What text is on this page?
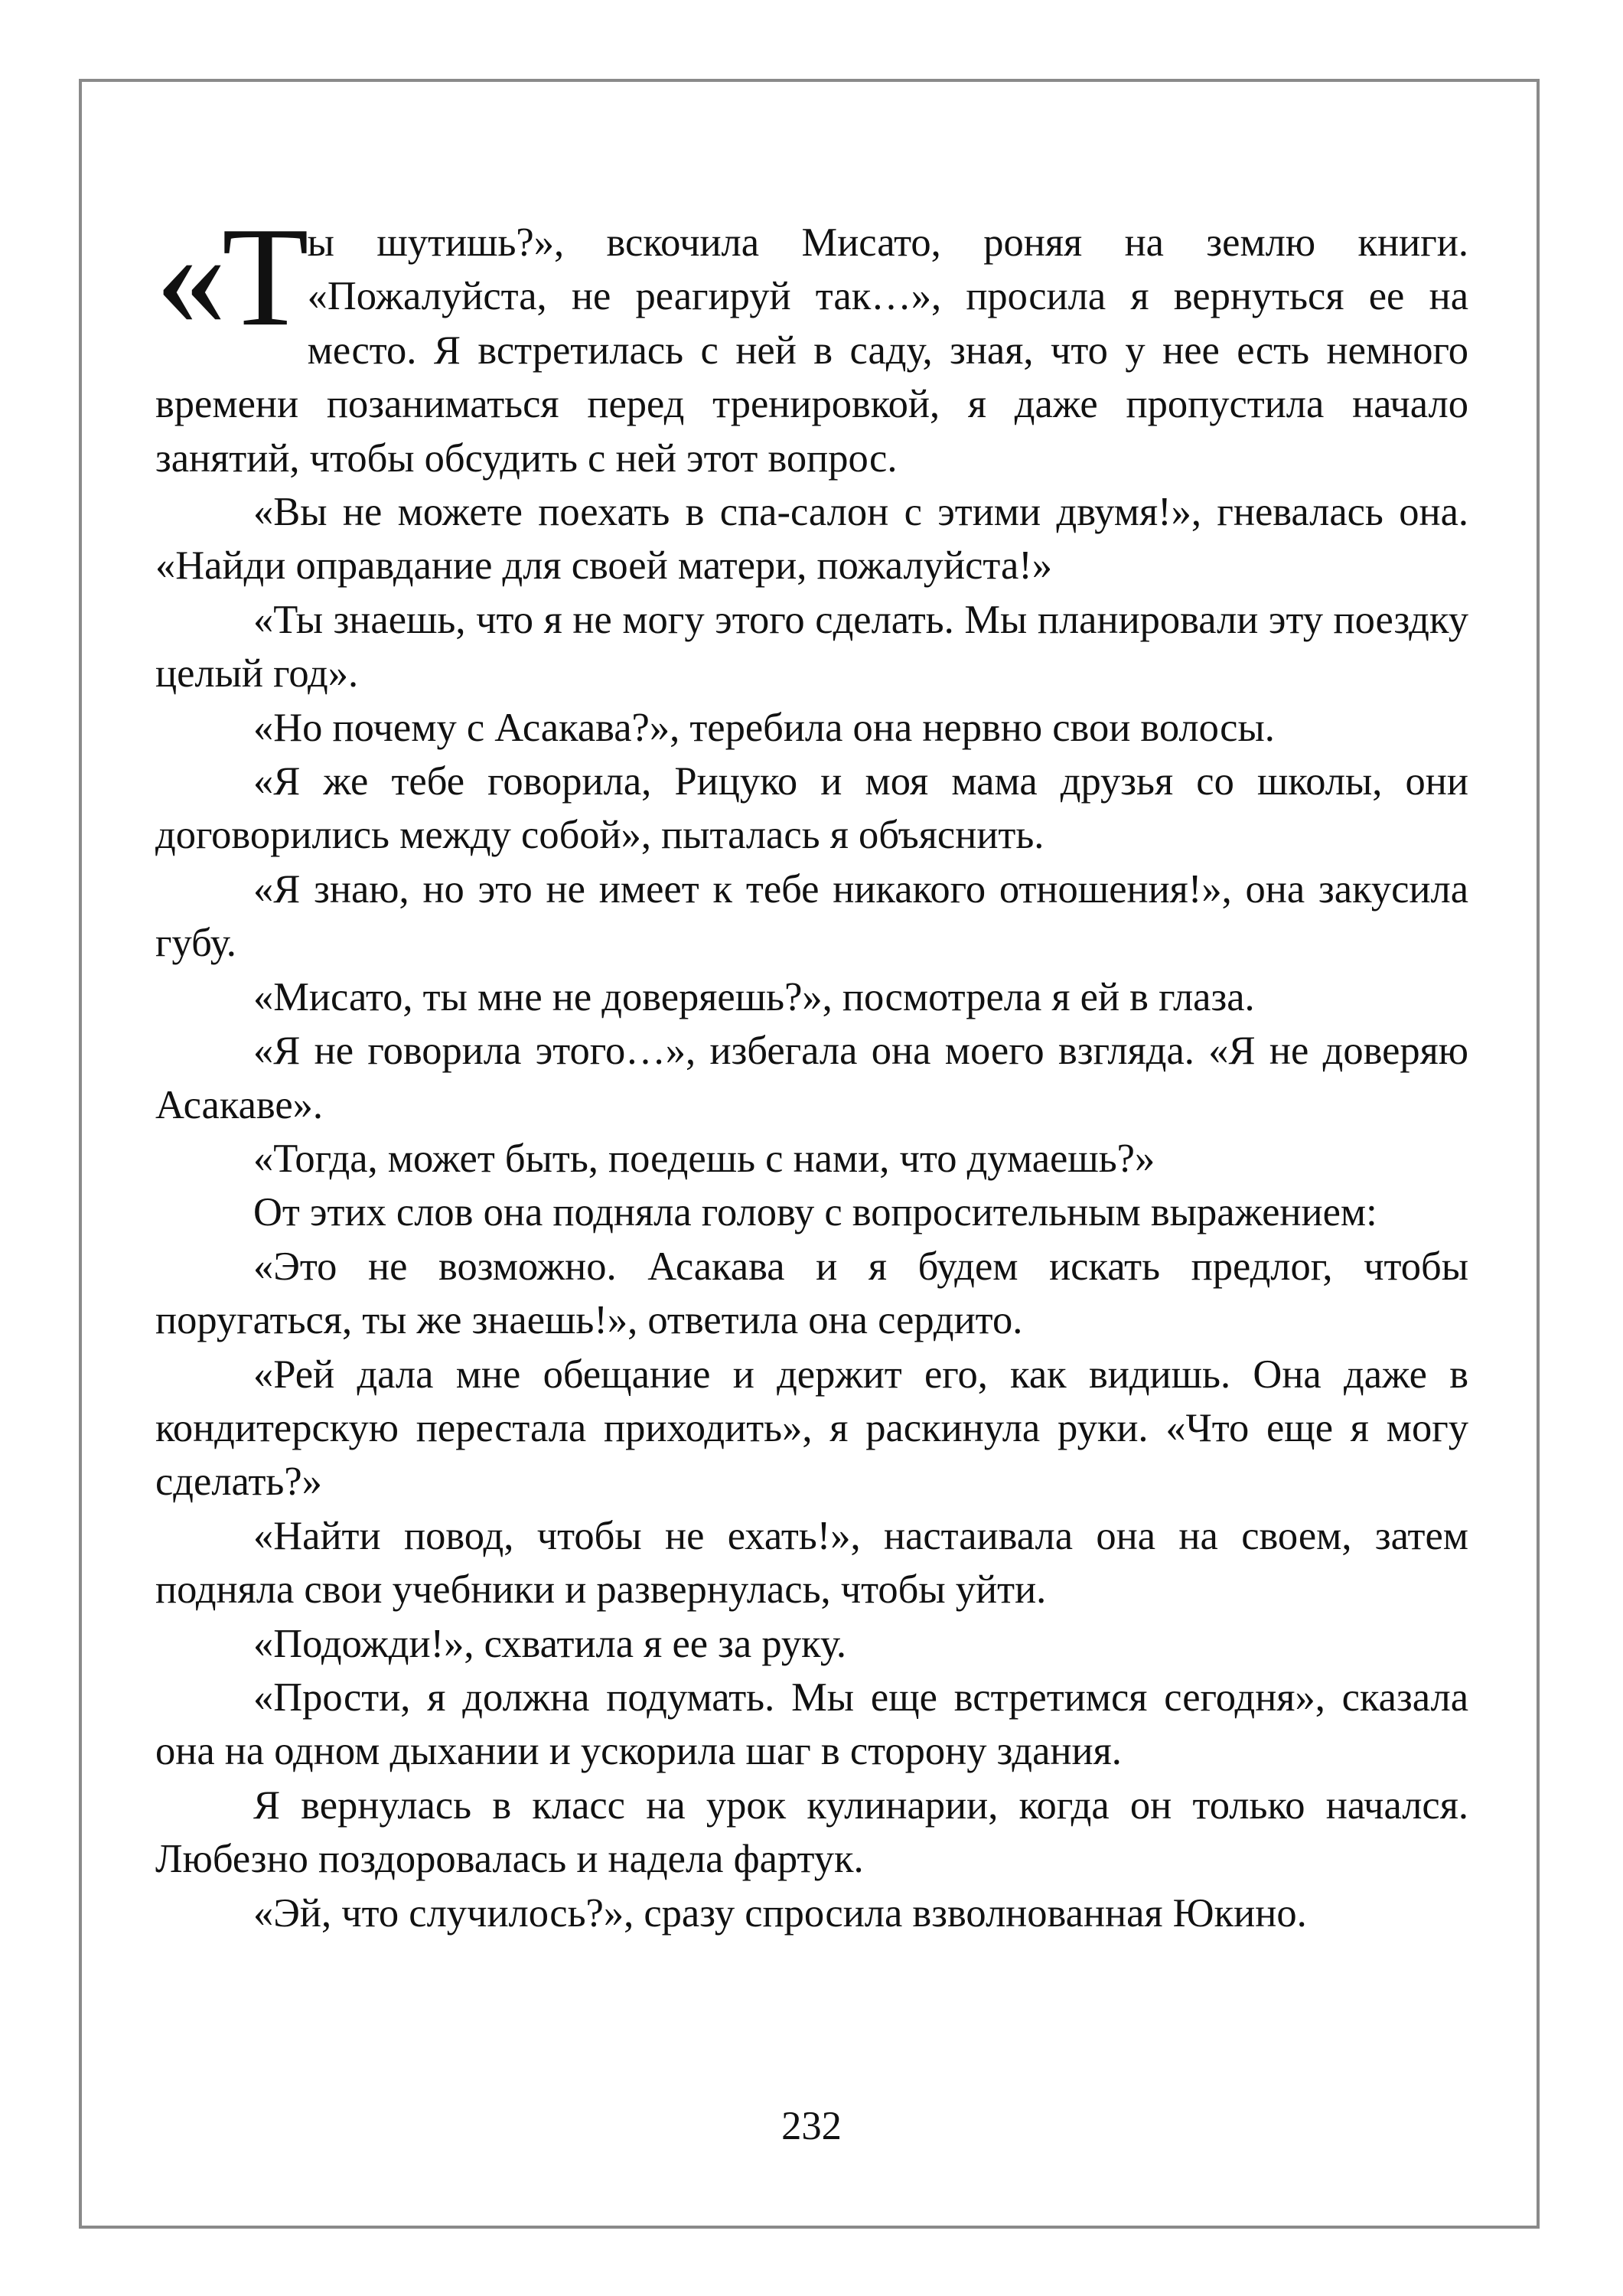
«Ты шутишь?», вскочила Мисато, роняя на землю книги. «Пожалуйста, не реагируй так…», просила я вернуться ее на место. Я встретилась с ней в саду, зная, что у нее есть немного времени позаниматься перед тренировкой, я даже пропустила начало занятий, чтобы обсудить с ней этот вопрос.

«Вы не можете поехать в спа-салон с этими двумя!», гневалась она. «Найди оправдание для своей матери, пожалуйста!»

«Ты знаешь, что я не могу этого сделать. Мы планировали эту поездку целый год».

«Но почему с Асакава?», теребила она нервно свои волосы.

«Я же тебе говорила, Рицуко и моя мама друзья со школы, они договорились между собой», пыталась я объяснить.

«Я знаю, но это не имеет к тебе никакого отношения!», она закусила губу.

«Мисато, ты мне не доверяешь?», посмотрела я ей в глаза.

«Я не говорила этого…», избегала она моего взгляда. «Я не доверяю Асакаве».

«Тогда, может быть, поедешь с нами, что думаешь?»

От этих слов она подняла голову с вопросительным выражением:

«Это не возможно. Асакава и я будем искать предлог, чтобы поругаться, ты же знаешь!», ответила она сердито.

«Рей дала мне обещание и держит его, как видишь. Она даже в кондитерскую перестала приходить», я раскинула руки. «Что еще я могу сделать?»

«Найти повод, чтобы не ехать!», настаивала она на своем, затем подняла свои учебники и развернулась, чтобы уйти.

«Подожди!», схватила я ее за руку.

«Прости, я должна подумать. Мы еще встретимся сегодня», сказала она на одном дыхании и ускорила шаг в сторону здания.

Я вернулась в класс на урок кулинарии, когда он только начался. Любезно поздоровалась и надела фартук.

«Эй, что случилось?», сразу спросила взволнованная Юкино.

232
